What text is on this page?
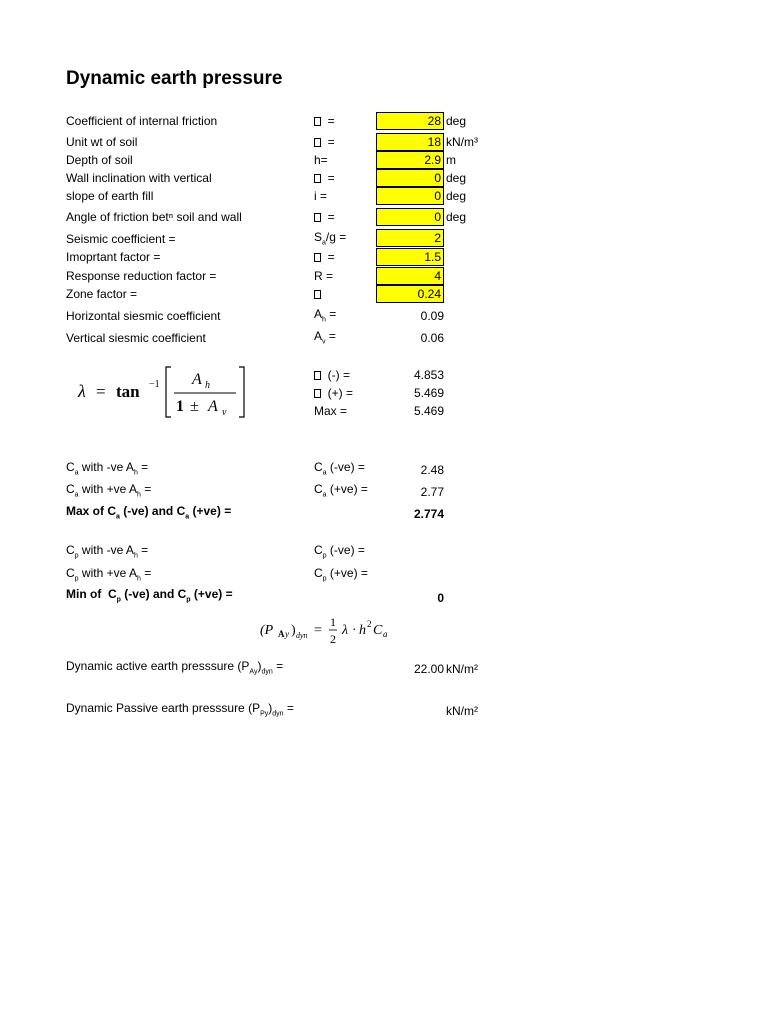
Dynamic earth pressure
Coefficient of internal friction	=	28 deg
Unit wt of soil	=	18 kN/m³
Depth of soil	h=	2.9 m
Wall inclination with vertical	=	0 deg
slope of earth fill	i =	0 deg
Angle of friction betⁿ soil and wall	=	0 deg
Seismic coefficient =	$S_a/g$ =	2
Imoprtant factor =	=	1.5
Response reduction factor =	R =	4
Zone factor =	0.24
Horizontal siesmic coefficient	$A_h$ =	0.09
Vertical siesmic coefficient	$A_v$ =	0.06
λ = tan −1 A h
1 ± A v
(-) =	4.853
(+) =	5.469
Max =	5.469
$C_a$ with -ve $A_h$ =	$C_a$ (-ve) =	2.48
$C_a$ with +ve $A_h$ =	$C_a$ (+ve) =	2.77
Max of $C_a$ (-ve) and $C_a$ (+ve) =	2.774
$C_p$ with -ve $A_h$ =	$C_p$ (-ve) =
$C_p$ with +ve $A_h$ =	$C_p$ (+ve) =
Min of  $C_p$ (-ve) and $C_p$ (+ve) =	0
(P A y ) dyn =
1
2
λ · h 2 C a
Dynamic active earth presssure $(P_{Ay})_{dyn}$ =	22.00 kN/m²
Dynamic Passive earth presssure $(P_{Py})_{dyn}$ =	kN/m²
